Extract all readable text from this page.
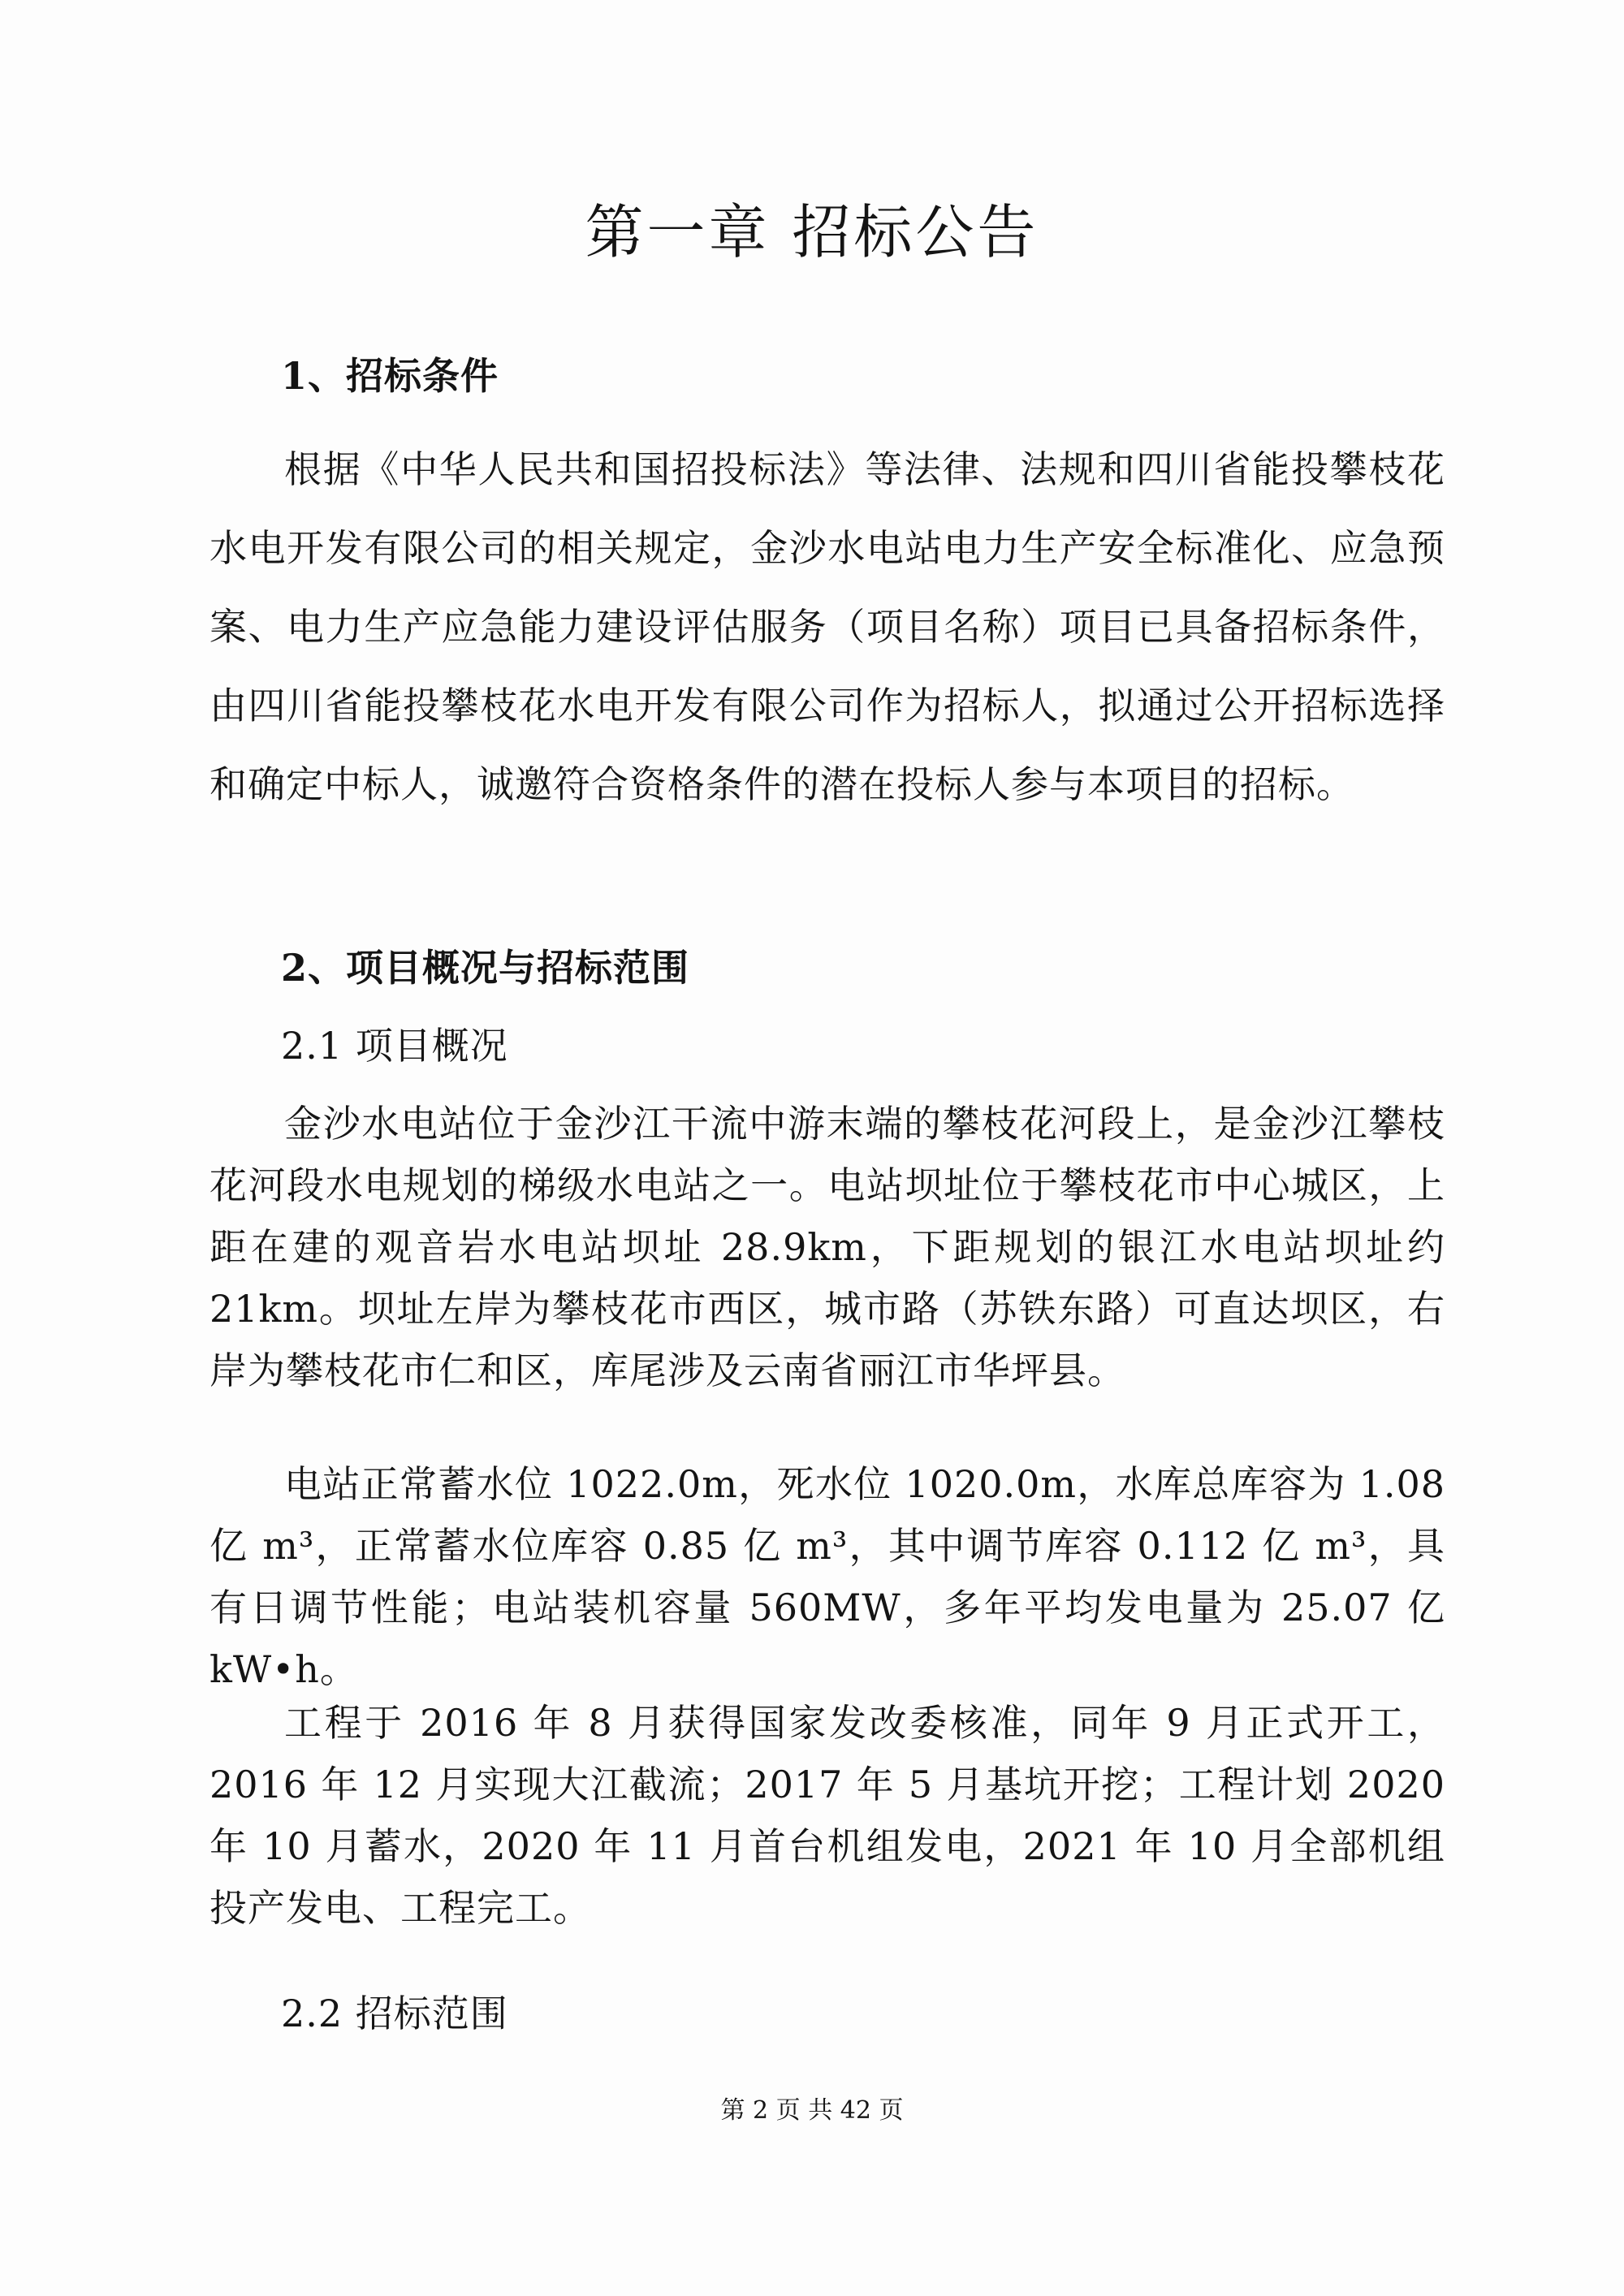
第一章 招标公告
1、招标条件

根据《中华人民共和国招投标法》等法律、法规和四川省能投攀枝花水电开发有限公司的相关规定，金沙水电站电力生产安全标准化、应急预案、电力生产应急能力建设评估服务（项目名称）项目已具备招标条件，由四川省能投攀枝花水电开发有限公司作为招标人，拟通过公开招标选择和确定中标人，诚邀符合资格条件的潜在投标人参与本项目的招标。

2、项目概况与招标范围
2.1 项目概况

金沙水电站位于金沙江干流中游末端的攀枝花河段上，是金沙江攀枝花河段水电规划的梯级水电站之一。电站坝址位于攀枝花市中心城区，上距在建的观音岩水电站坝址 28.9km，下距规划的银江水电站坝址约 21km。坝址左岸为攀枝花市西区，城市路（苏铁东路）可直达坝区，右岸为攀枝花市仁和区，库尾涉及云南省丽江市华坪县。

电站正常蓄水位 1022.0m，死水位 1020.0m，水库总库容为 1.08 亿 m³，正常蓄水位库容 0.85 亿 m³，其中调节库容 0.112 亿 m³，具有日调节性能；电站装机容量 560MW，多年平均发电量为 25.07 亿 kW•h。

工程于 2016 年 8 月获得国家发改委核准，同年 9 月正式开工，2016 年 12 月实现大江截流；2017 年 5 月基坑开挖；工程计划 2020 年 10 月蓄水，2020 年 11 月首台机组发电，2021 年 10 月全部机组投产发电、工程完工。

2.2 招标范围
第 2 页 共 42 页
